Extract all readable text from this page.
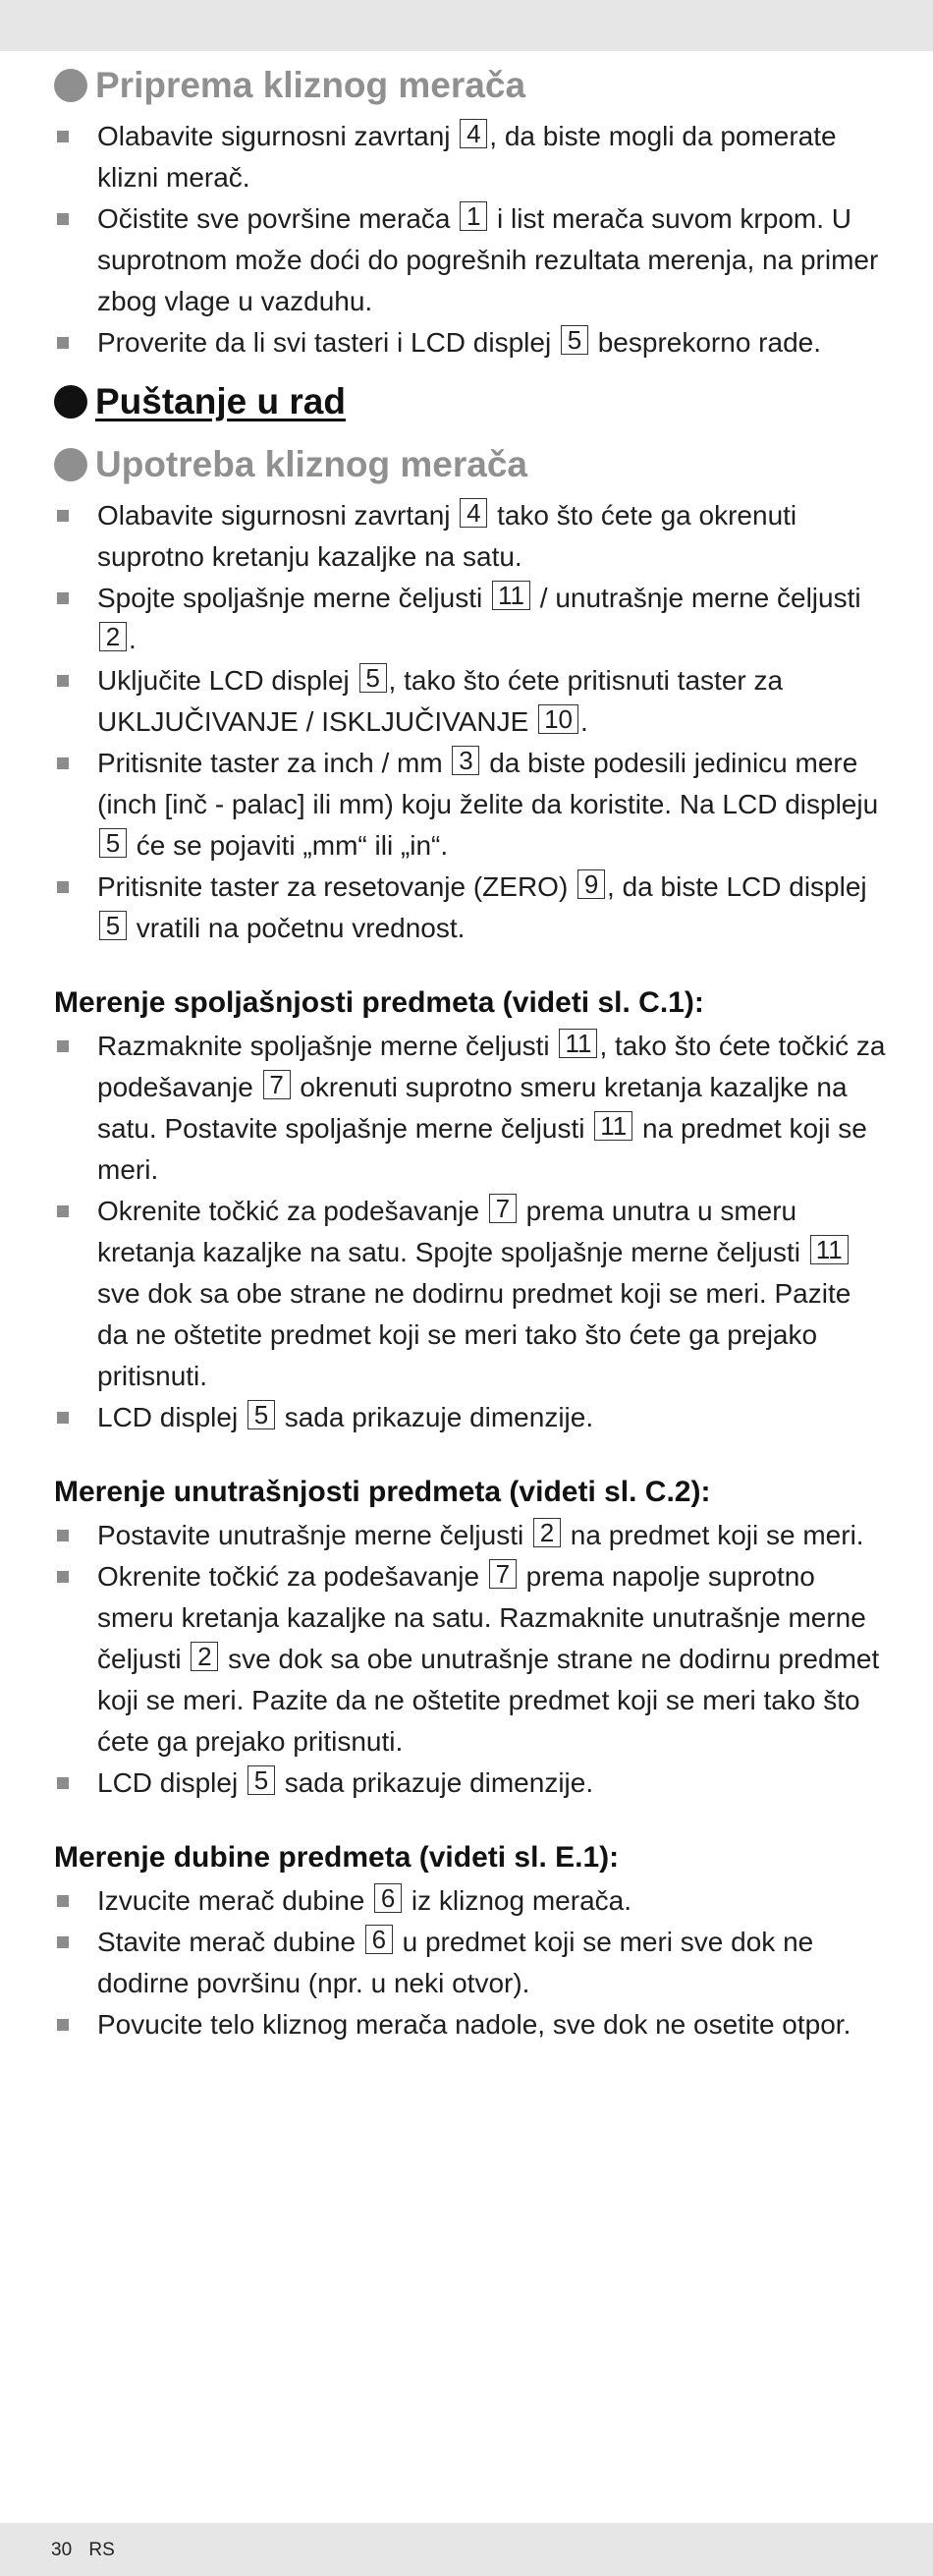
Priprema kliznog merača
Olabavite sigurnosni zavrtanj 4 , da biste mogli da pomerate klizni merač.
Očistite sve površine merača 1 i list merača suvom krpom. U suprotnom može doći do pogrešnih rezultata merenja, na primer zbog vlage u vazduhu.
Proverite da li svi tasteri i LCD displej 5 besprekorno rade.
Puštanje u rad
Upotreba kliznog merača
Olabavite sigurnosni zavrtanj 4 tako što ćete ga okrenuti suprotno kretanju kazaljke na satu.
Spojte spoljašnje merne čeljusti 11 / unutrašnje merne čeljusti 2 .
Uključite LCD displej 5 , tako što ćete pritisnuti taster za UKLJUČIVANJE / ISKLJUČIVANJE 10 .
Pritisnite taster za inch / mm 3 da biste podesili jedinicu mere (inch [inč - palac] ili mm) koju želite da koristite. Na LCD displeju 5 će se pojaviti „mm“ ili „in“.
Pritisnite taster za resetovanje (ZERO) 9 , da biste LCD displej 5 vratili na početnu vrednost.
Merenje spoljašnjosti predmeta (videti sl. C.1):
Razmaknite spoljašnje merne čeljusti 11 , tako što ćete točkić za podešavanje 7 okrenuti suprotno smeru kretanja kazaljke na satu. Postavite spoljašnje merne čeljusti 11 na predmet koji se meri.
Okrenite točkić za podešavanje 7 prema unutra u smeru kretanja kazaljke na satu. Spojte spoljašnje merne čeljusti 11 sve dok sa obe strane ne dodirnu predmet koji se meri. Pazite da ne oštetite predmet koji se meri tako što ćete ga prejako pritisnuti.
LCD displej 5 sada prikazuje dimenzije.
Merenje unutrašnjosti predmeta (videti sl. C.2):
Postavite unutrašnje merne čeljusti 2 na predmet koji se meri.
Okrenite točkić za podešavanje 7 prema napolje suprotno smeru kretanja kazaljke na satu. Razmaknite unutrašnje merne čeljusti 2 sve dok sa obe unutrašnje strane ne dodirnu predmet koji se meri. Pazite da ne oštetite predmet koji se meri tako što ćete ga prejako pritisnuti.
LCD displej 5 sada prikazuje dimenzije.
Merenje dubine predmeta (videti sl. E.1):
Izvucite merač dubine 6 iz kliznog merača.
Stavite merač dubine 6 u predmet koji se meri sve dok ne dodirne površinu (npr. u neki otvor).
Povucite telo kliznog merača nadole, sve dok ne osetite otpor.
30 RS
